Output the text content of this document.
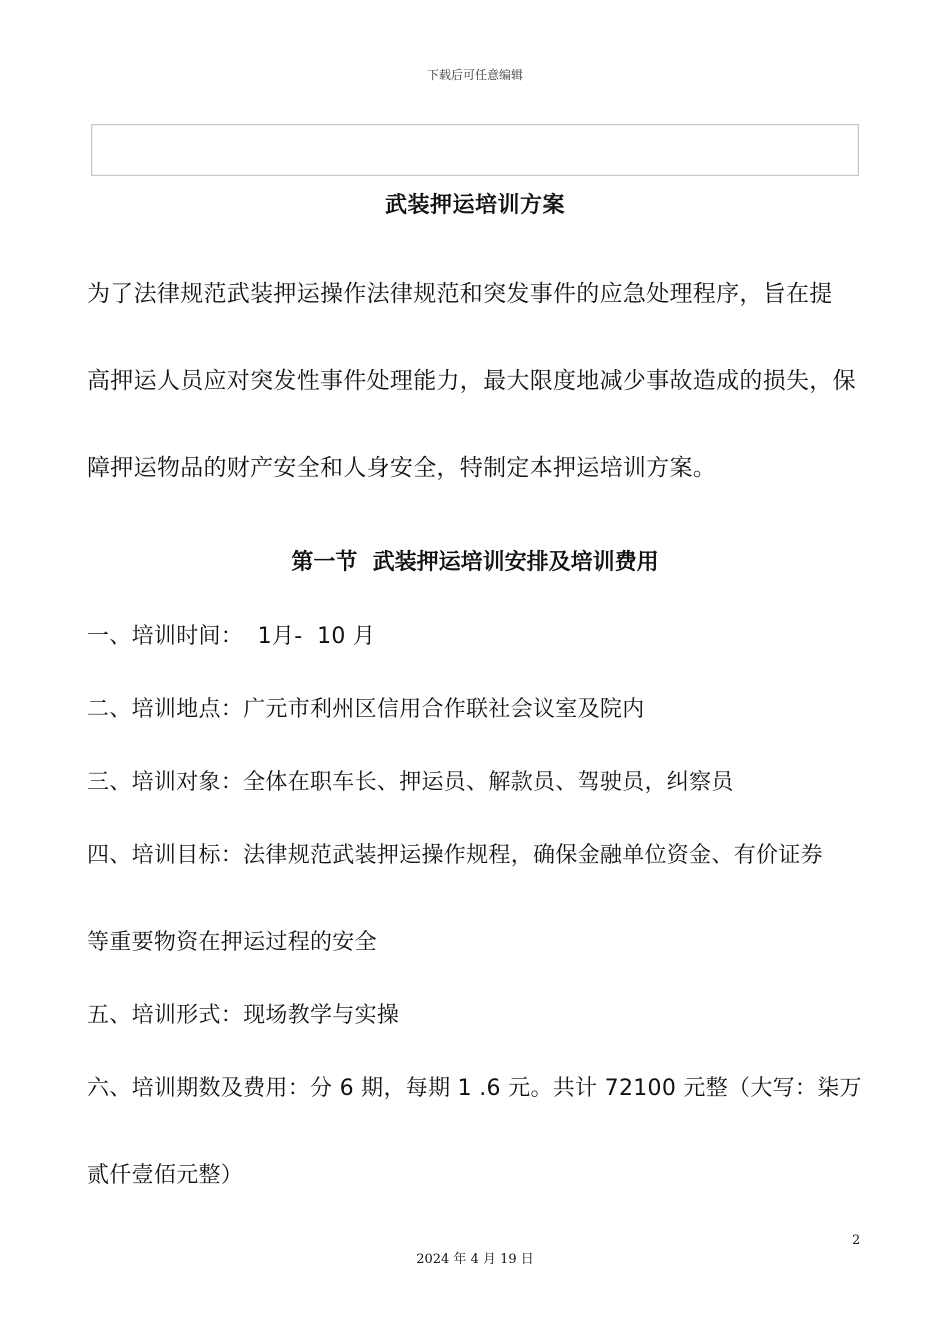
下载后可任意编辑
武装押运培训方案
为了法律规范武装押运操作法律规范和突发事件的应急处理程序，旨在提
高押运人员应对突发性事件处理能力，最大限度地减少事故造成的损失，保
障押运物品的财产安全和人身安全，特制定本押运培训方案。
第一节  武装押运培训安排及培训费用
一、培训时间：  1月-  10 月
二、培训地点：广元市利州区信用合作联社会议室及院内
三、培训对象：全体在职车长、押运员、解款员、驾驶员，纠察员
四、培训目标：法律规范武装押运操作规程，确保金融单位资金、有价证券
等重要物资在押运过程的安全
五、培训形式：现场教学与实操
六、培训期数及费用：分 6 期，每期 1 .6 元。共计 72100 元整（大写：柒万
贰仟壹佰元整）
2
2024 年 4 月 19 日
